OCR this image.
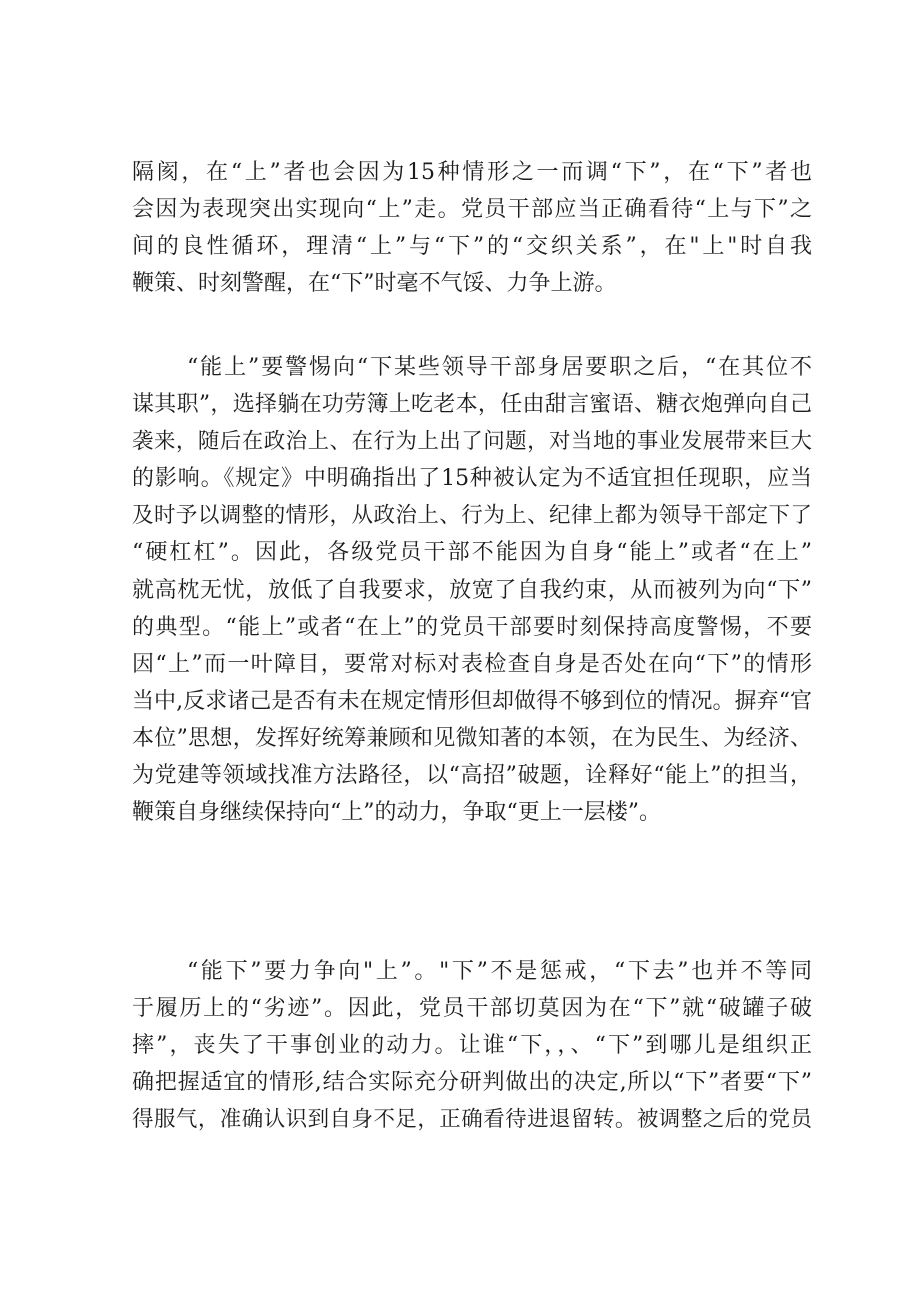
隔阂，在“上”者也会因为15种情形之一而调“下”，在“下”者也
会因为表现突出实现向“上”走。党员干部应当正确看待“上与下”之
间的良性循环，理清“上”与“下”的“交织关系”，在"上"时自我
鞭策、时刻警醒，在“下”时毫不气馁、力争上游。
“能上”要警惕向“下某些领导干部身居要职之后，“在其位不
谋其职”，选择躺在功劳簿上吃老本，任由甜言蜜语、糖衣炮弹向自己
袭来，随后在政治上、在行为上出了问题，对当地的事业发展带来巨大
的影响。《规定》中明确指出了15种被认定为不适宜担任现职，应当
及时予以调整的情形，从政治上、行为上、纪律上都为领导干部定下了
“硬杠杠”。因此，各级党员干部不能因为自身“能上”或者“在上”
就高枕无忧，放低了自我要求，放宽了自我约束，从而被列为向“下”
的典型。“能上”或者“在上”的党员干部要时刻保持高度警惕，不要
因“上”而一叶障目，要常对标对表检查自身是否处在向“下”的情形
当中,反求诸己是否有未在规定情形但却做得不够到位的情况。摒弃“官
本位”思想，发挥好统筹兼顾和见微知著的本领，在为民生、为经济、
为党建等领域找准方法路径，以“高招”破题，诠释好“能上”的担当，
鞭策自身继续保持向“上”的动力，争取“更上一层楼”。
“能下”要力争向"上”。"下”不是惩戒，“下去”也并不等同
于履历上的“劣迹”。因此，党员干部切莫因为在“下”就“破罐子破
摔”，丧失了干事创业的动力。让谁“下，，、“下”到哪儿是组织正
确把握适宜的情形,结合实际充分研判做出的决定,所以“下”者要“下”
得服气，准确认识到自身不足，正确看待进退留转。被调整之后的党员
